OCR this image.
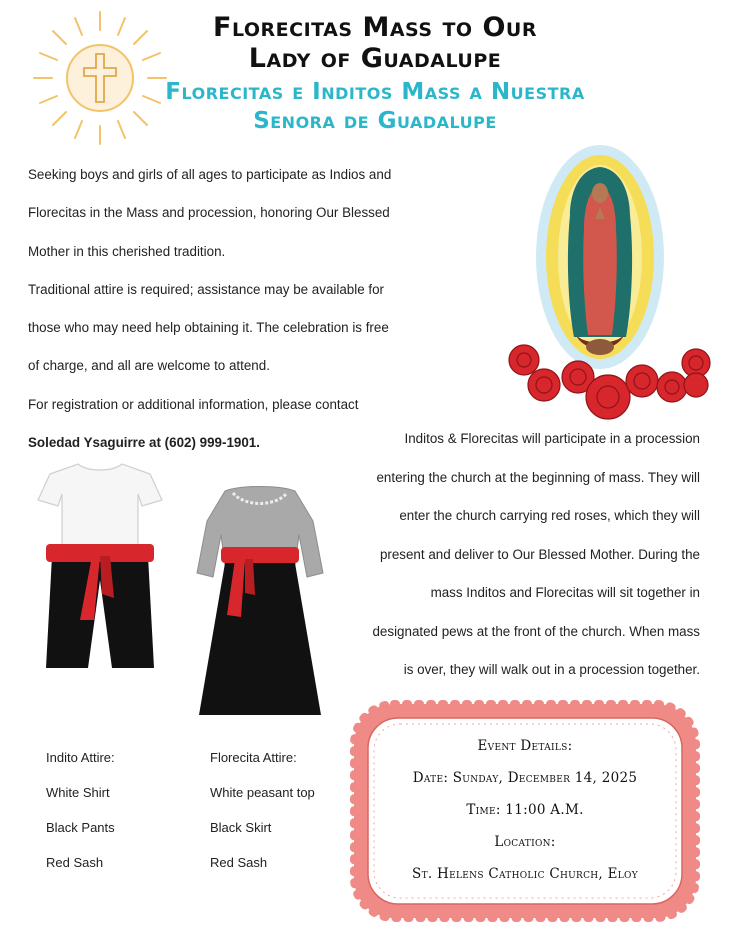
Florecitas Mass to Our
Lady of Guadalupe
Florecitas e Inditos Mass a Nuestra
Senora de Guadalupe

Seeking boys and girls of all ages to participate as Indios and

Florecitas in the Mass and procession, honoring Our Blessed

Mother in this cherished tradition.

Traditional attire is required; assistance may be available for

those who may need help obtaining it. The celebration is free

of charge, and all are welcome to attend.

For registration or additional information, please contact

Soledad Ysaguirre at (602) 999-1901.	Inditos & Florecitas will participate in a procession

entering the church at the beginning of mass. They will

enter the church carrying red roses, which they will

present and deliver to Our Blessed Mother. During the

mass Inditos and Florecitas will sit together in

designated pews at the front of the church. When mass

is over, they will walk out in a procession together.

Indito Attire:

White Shirt

Black Pants

Red Sash

Florecita Attire:

White peasant top

Black Skirt

Red Sash

Event Details:

Date: Sunday, December 14, 2025

Time: 11:00 A.M.

Location:

St. Helens Catholic Church, Eloy
